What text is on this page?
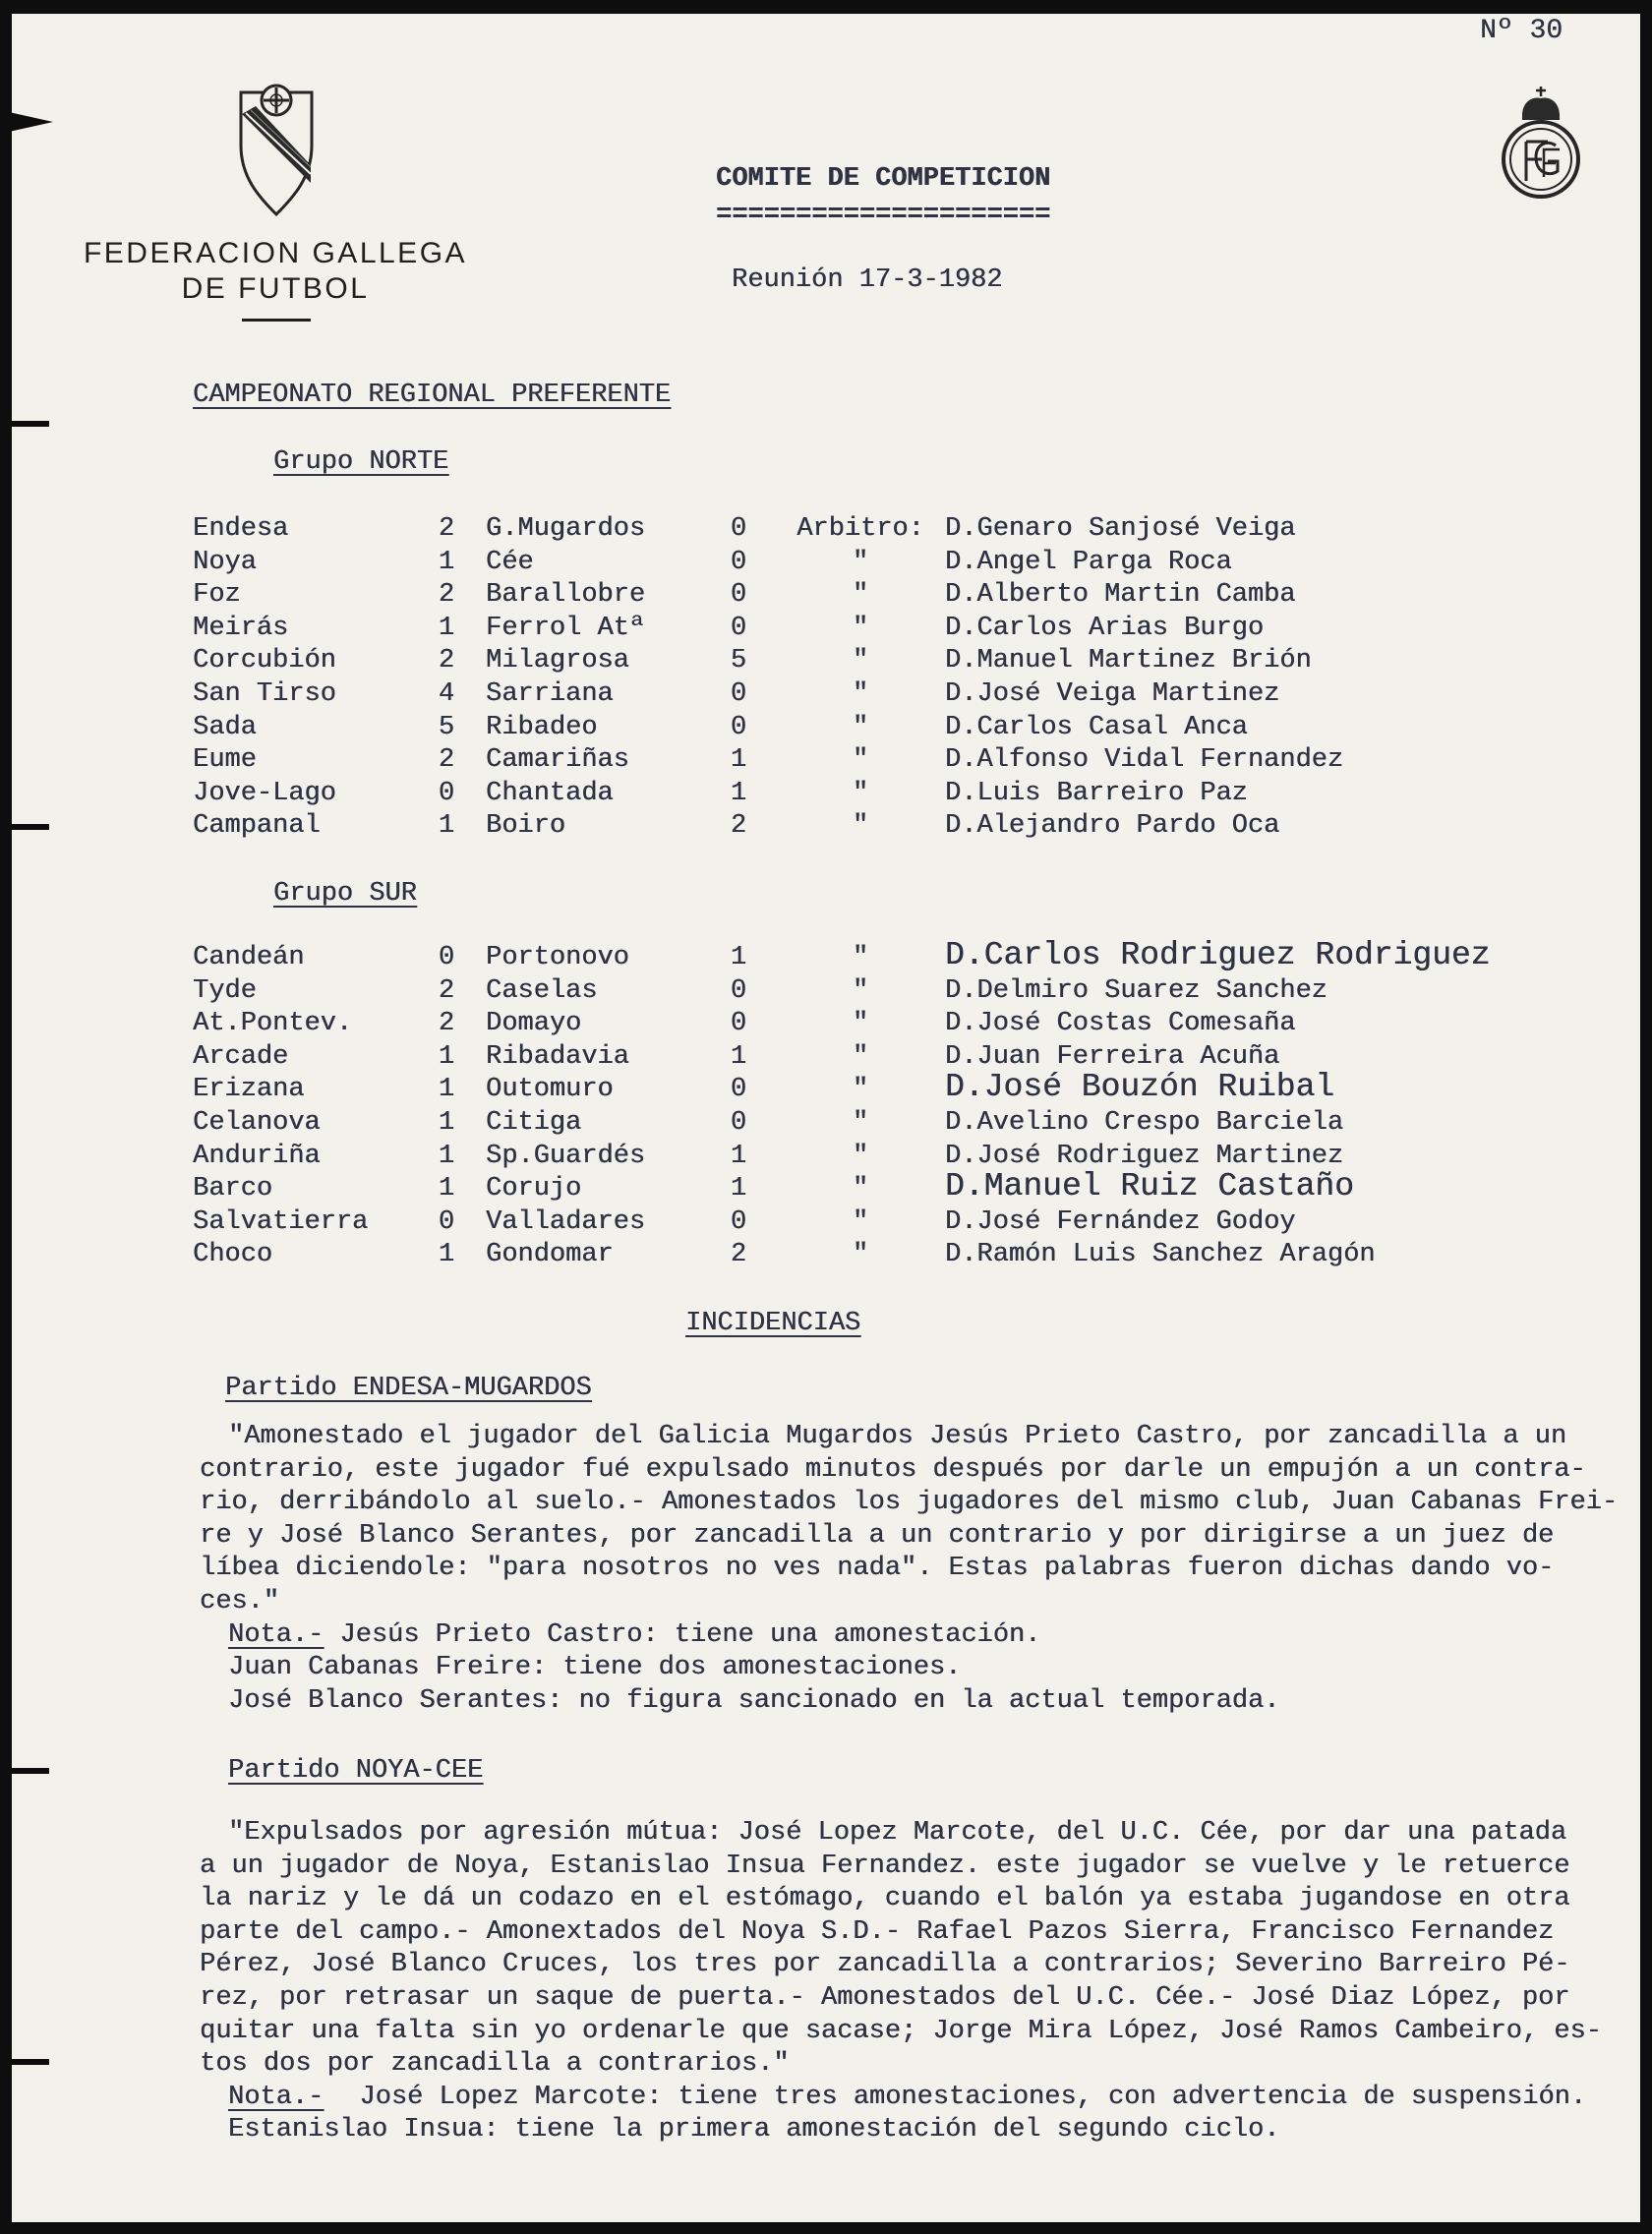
Nº 30
FEDERACION GALLEGA
DE FUTBOL
COMITE DE COMPETICION
=====================
Reunión 17-3-1982
CAMPEONATO REGIONAL PREFERENTE
Grupo NORTE
Endesa	2 G.Mugardos	0 Arbitro: D.Genaro Sanjosé Veiga
Noya	1 Cée	0	"	D.Angel Parga Roca
Foz	2 Barallobre	0	"	D.Alberto Martin Camba
Meirás	1 Ferrol Atª	0	"	D.Carlos Arias Burgo
Corcubión	2 Milagrosa	5	"	D.Manuel Martinez Brión
San Tirso	4 Sarriana	0	"	D.José Veiga Martinez
Sada	5 Ribadeo	0	"	D.Carlos Casal Anca
Eume	2 Camariñas	1	"	D.Alfonso Vidal Fernandez
Jove-Lago	0 Chantada	1	"	D.Luis Barreiro Paz
Campanal	1 Boiro	2	"	D.Alejandro Pardo Oca
Grupo SUR
Candeán	0 Portonovo	1	"	D.Carlos Rodriguez Rodriguez
Tyde	2 Caselas	0	"	D.Delmiro Suarez Sanchez
At.Pontev.	2 Domayo	0	"	D.José Costas Comesaña
Arcade	1 Ribadavia	1	"	D.Juan Ferreira Acuña
Erizana	1 Outomuro	0	"	D.José Bouzón Ruibal
Celanova	1 Citiga	0	"	D.Avelino Crespo Barciela
Anduriña	1 Sp.Guardés	1	"	D.José Rodriguez Martinez
Barco	1 Corujo	1	"	D.Manuel Ruiz Castaño
Salvatierra	0 Valladares	0	"	D.José Fernández Godoy
Choco	1 Gondomar	2	"	D.Ramón Luis Sanchez Aragón
INCIDENCIAS
Partido ENDESA-MUGARDOS
"Amonestado el jugador del Galicia Mugardos Jesús Prieto Castro, por zancadilla a un
contrario, este jugador fué expulsado minutos después por darle un empujón a un contra-
rio, derribándolo al suelo.- Amonestados los jugadores del mismo club, Juan Cabanas Frei-
re y José Blanco Serantes, por zancadilla a un contrario y por dirigirse a un juez de
líbea diciendole: "para nosotros no ves nada". Estas palabras fueron dichas dando vo-
ces."
Nota.- Jesús Prieto Castro: tiene una amonestación.
Juan Cabanas Freire: tiene dos amonestaciones.
José Blanco Serantes: no figura sancionado en la actual temporada.
Partido NOYA-CEE
"Expulsados por agresión mútua: José Lopez Marcote, del U.C. Cée, por dar una patada
a un jugador de Noya, Estanislao Insua Fernandez. este jugador se vuelve y le retuerce
la nariz y le dá un codazo en el estómago, cuando el balón ya estaba jugandose en otra
parte del campo.- Amonextados del Noya S.D.- Rafael Pazos Sierra, Francisco Fernandez
Pérez, José Blanco Cruces, los tres por zancadilla a contrarios; Severino Barreiro Pé-
rez, por retrasar un saque de puerta.- Amonestados del U.C. Cée.- José Diaz López, por
quitar una falta sin yo ordenarle que sacase; Jorge Mira López, José Ramos Cambeiro, es-
tos dos por zancadilla a contrarios."
Nota.- José Lopez Marcote: tiene tres amonestaciones, con advertencia de suspensión.
Estanislao Insua: tiene la primera amonestación del segundo ciclo.
